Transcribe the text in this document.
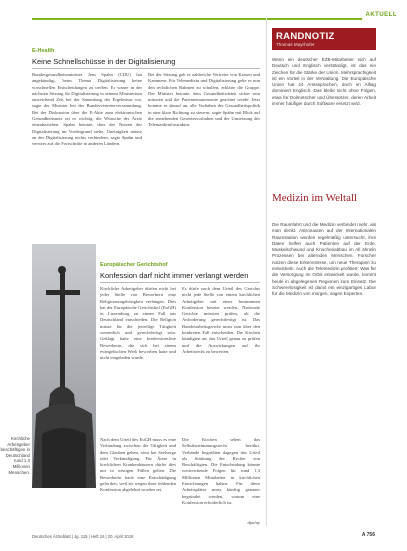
AKTUELL
E-Health
Keine Schnellschüsse in der Digitalisierung
Bundesgesundheitsminister Jens Spahn (CDU) hat angekündigt, beim Thema Digitalisierung keine vorschnellen Entscheidungen zu treffen. Er warne in der nächsten Sitzung für Digitalisierung in seinem Ministerium ausreichend Zeit bei der Sammlung der Ergebnisse vor, sagte der Minister bei der Bundesvertreterversammlung. Bei der Diskussion über die E-Akte zum elektronischen Gesundheitsnetz sei es wichtig, die Wünsche der Ärzte einzubeziehen. Spahn betonte, dass der Nutzen der Digitalisierung im Vordergrund stehe. Uneinigkeit müsse an der Digitalisierung nichts verhindern, sagte Spahn und verwies auf die Fortschritte in anderen Ländern.
Bei der Sitzung gab es zahlreiche Vertreter von Kassen und Kammern. Für Telemedizin und Digitalisierung gelte es nun den rechtlichen Rahmen zu schaffen, erklärte die Gruppe. Der Minister betonte, dass Gesundheitsdaten sicher sein müssten und die Patientenautonomie geachtet werde. Jetzt komme es darauf an, alle Vorhaben der Gesundheitspolitik in eine klare Richtung zu steuern, sagte Spahn mit Blick auf die anstehenden Gesetzesvorhaben und die Umsetzung der Telematikinfrastruktur.
Kirchliche Arbeitgeber beschäftigen in Deutschland rund 1,3 Millionen Menschen.
Europäischer Gerichtshof
Konfession darf nicht immer verlangt werden
Kirchliche Arbeitgeber dürfen nicht bei jeder Stelle von Bewerbern eine Religionszugehörigkeit verlangen. Dies hat der Europäische Gerichtshof (EuGH) in Luxemburg zu einem Fall aus Deutschland entschieden. Die Religion müsse für die jeweilige Tätigkeit wesentlich und gerechtfertigt sein. Geklagt hatte eine konfessionslose Bewerberin, die sich bei einem evangelischen Werk beworben hatte und nicht eingeladen wurde.
Es dürfe nach dem Urteil des Gerichts nicht jede Stelle von einem kirchlichen Arbeitgeber mit einer bestimmten Konfession besetzt werden. Nationale Gerichte müssten prüfen, ob die Anforderung gerechtfertigt ist. Das Bundesarbeitsgericht muss nun über den konkreten Fall entscheiden. Die Kirchen kündigten an, das Urteil genau zu prüfen und die Auswirkungen auf ihr Arbeitsrecht zu bewerten.
Nach dem Urteil des EuGH muss es eine Verbindung zwischen der Tätigkeit und dem Glauben geben, etwa bei Seelsorge oder Verkündigung. Für Ärzte in kirchlichen Krankenhäusern dürfte dies nur in wenigen Fällen gelten. Die Bewerberin hatte eine Entschädigung gefordert, weil sie wegen ihrer fehlenden Konfession abgelehnt worden sei.
Die Kirchen sehen das Selbstbestimmungsrecht berührt. Verbände begrüßten dagegen das Urteil als Stärkung der Rechte von Beschäftigten. Die Entscheidung könnte weitreichende Folgen für rund 1,3 Millionen Mitarbeiter in kirchlichen Einrichtungen haben. Für diese Arbeitsplätze muss künftig genauer begründet werden, warum eine Konfession erforderlich ist.
dpa/ay
RANDNOTIZ
Thomas Mayrhofer
Wenn ein deutscher EZB-Mitarbeiter sich auf Deutsch und Englisch verständigt, ist das ein Zeichen für die Stärke der Union. Mehrsprachigkeit ist ein Vorteil in der Verwaltung. Die Europäische Union hat 24 Amtssprachen, doch im Alltag dominiert Englisch. Das bleibt nicht ohne Folgen, etwa für Dolmetscher und Übersetzer, deren Arbeit immer häufiger durch Software ersetzt wird.
Medizin im Weltall
Die Raumfahrt und die Medizin verbindet mehr, als man denkt. Astronauten auf der Internationalen Raumstation werden regelmäßig untersucht, ihre Daten helfen auch Patienten auf der Erde. Muskelschwund und Knochenabbau im All ähneln Prozessen bei alternden Menschen. Forscher nutzen diese Erkenntnisse, um neue Therapien zu entwickeln. Auch die Telemedizin profitiert: Was für die Versorgung im Orbit entwickelt wurde, kommt heute in abgelegenen Regionen zum Einsatz. Die Schwerelosigkeit ist damit ein einzigartiges Labor für die Medizin von morgen, sagen Experten.
Deutsches Ärzteblatt | Jg. 115 | Heft 16 | 20. April 2018	A 756
